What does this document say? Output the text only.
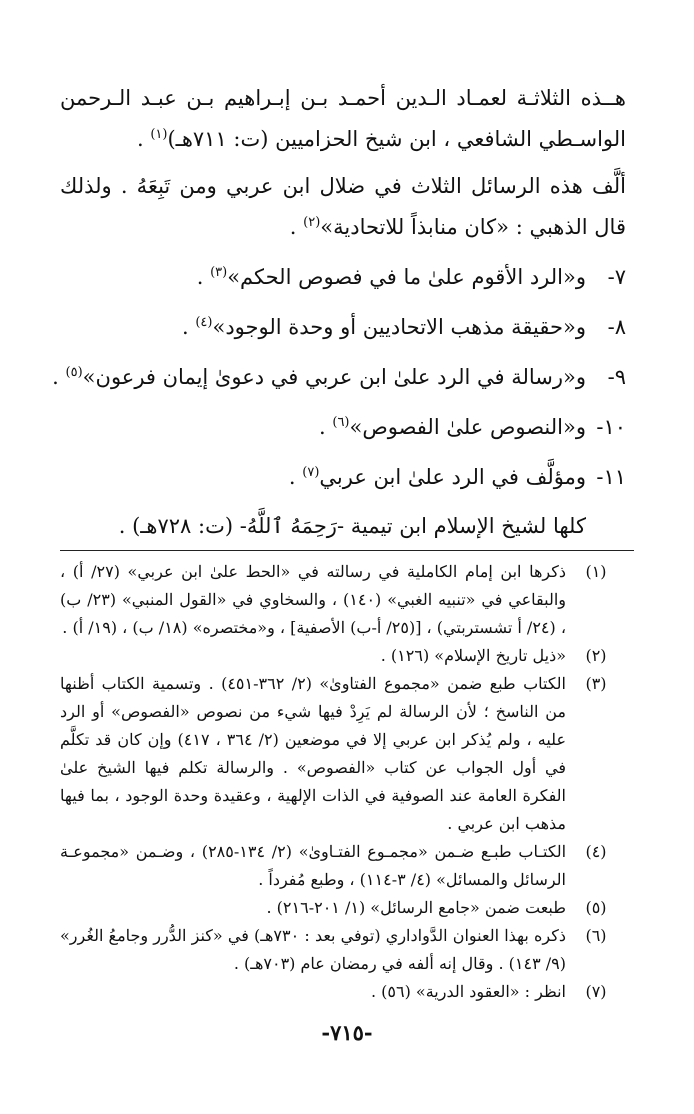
هــذه الثلاثـة لعمـاد الـدين أحمـد بـن إبـراهيم بـن عبـد الـرحمن الواسـطي الشافعي ، ابن شيخ الحزاميين (ت: ٧١١هـ)$^{(١)}$ .

ألَّف هذه الرسائل الثلاث في ضلال ابن عربي ومن تَبِعَهُ . ولذلك قال الذهبي : «كان منابذاً للاتحادية»$^{(٢)}$ .

٧-و«الرد الأقوم علىٰ ما في فصوص الحكم»$^{(٣)}$ .

٨-و«حقيقة مذهب الاتحاديين أو وحدة الوجود»$^{(٤)}$ .

٩-و«رسالة في الرد علىٰ ابن عربي في دعوىٰ إيمان فرعون»$^{(٥)}$ .

١٠-و«النصوص علىٰ الفصوص»$^{(٦)}$ .

١١-ومؤلَّف في الرد علىٰ ابن عربي$^{(٧)}$ .

كلها لشيخ الإسلام ابن تيمية -رَحِمَهُ ٱللَّهُ- (ت: ٧٢٨هـ) .

(١)
ذكرها ابن إمام الكاملية في رسالته في «الحط علىٰ ابن عربي» (٢٧/ أ) ، والبقاعي في «تنبيه الغبي» (١٤٠) ، والسخاوي في «القول المنبي» (٢٣/ ب) ، (٢٤/ أ تشستربتي) ، [(٢٥/ أ-ب) الأصفية] ، و«مختصره» (١٨/ ب) ، (١٩/ أ) .
(٢)
«ذيل تاريخ الإسلام» (١٢٦) .
(٣)
الكتاب طبع ضمن «مجموع الفتاوىٰ» (٢/ ٣٦٢-٤٥١) . وتسمية الكتاب أظنها من الناسخ ؛ لأن الرسالة لم يَرِدْ فيها شيء من نصوص «الفصوص» أو الرد عليه ، ولم يُذكر ابن عربي إلا في موضعين (٢/ ٣٦٤ ، ٤١٧) وإن كان قد تكلَّم في أول الجواب عن كتاب «الفصوص» . والرسالة تكلم فيها الشيخ علىٰ الفكرة العامة عند الصوفية في الذات الإلهية ، وعقيدة وحدة الوجود ، بما فيها مذهب ابن عربي .
(٤)
الكتـاب طبـع ضـمن «مجمـوع الفتـاوىٰ» (٢/ ١٣٤-٢٨٥) ، وضـمن «مجموعـة الرسائل والمسائل» (٤/ ٣-١١٤) ، وطبع مُفرداً .
(٥)
طبعت ضمن «جامع الرسائل» (١/ ٢٠١-٢١٦) .
(٦)
ذكره بهذا العنوان الدَّواداري (توفي بعد : ٧٣٠هـ) في «كنز الدُّرر وجامعُ الغُرر» (٩/ ١٤٣) . وقال إنه ألفه في رمضان عام (٧٠٣هـ) .
(٧)
انظر : «العقود الدرية» (٥٦) .
-٧١٥-
